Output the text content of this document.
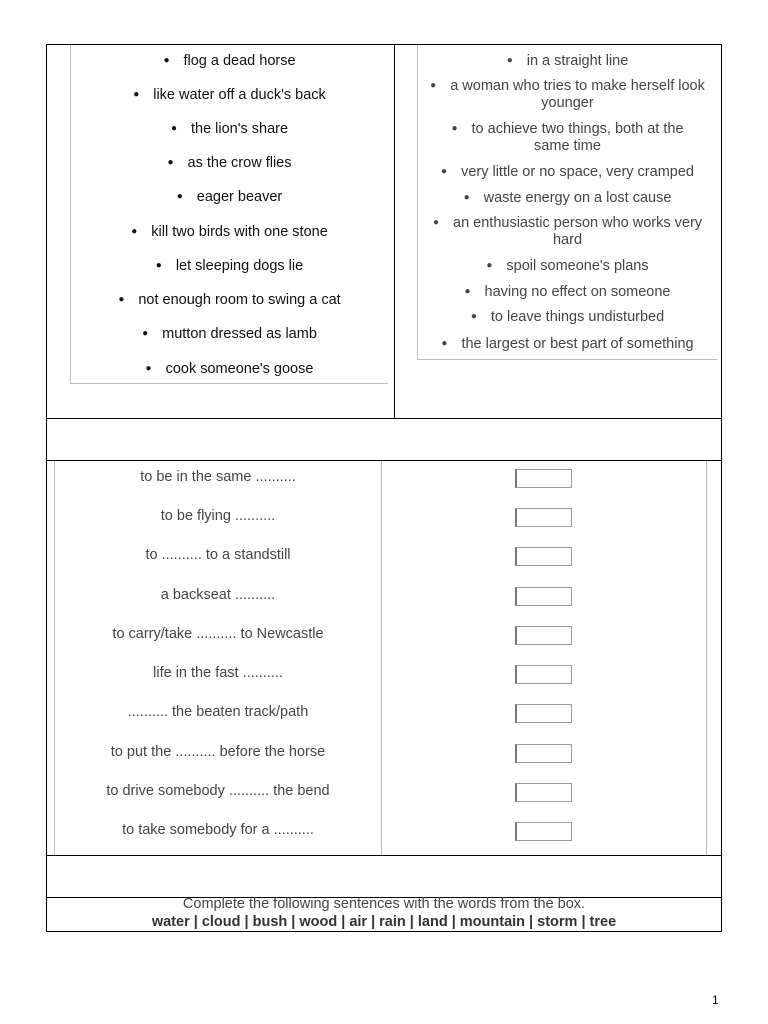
● flog a dead horse
● like water off a duck's back
● the lion's share
● as the crow flies
● eager beaver
● kill two birds with one stone
● let sleeping dogs lie
● not enough room to swing a cat
● mutton dressed as lamb
● cook someone's goose
● in a straight line
● a woman who tries to make herself look younger
● to achieve two things, both at the same time
● very little or no space, very cramped
● waste energy on a lost cause
● an enthusiastic person who works very hard
● spoil someone's plans
● having no effect on someone
● to leave things undisturbed
● the largest or best part of something
to be in the same ..........
to be flying ..........
to .......... to a standstill
a backseat ..........
to carry/take .......... to Newcastle
life in the fast ..........
.......... the beaten track/path
to put the .......... before the horse
to drive somebody .......... the bend
to take somebody for a ..........
Complete the following sentences with the words from the box.
water | cloud | bush | wood | air | rain | land | mountain | storm | tree
1
